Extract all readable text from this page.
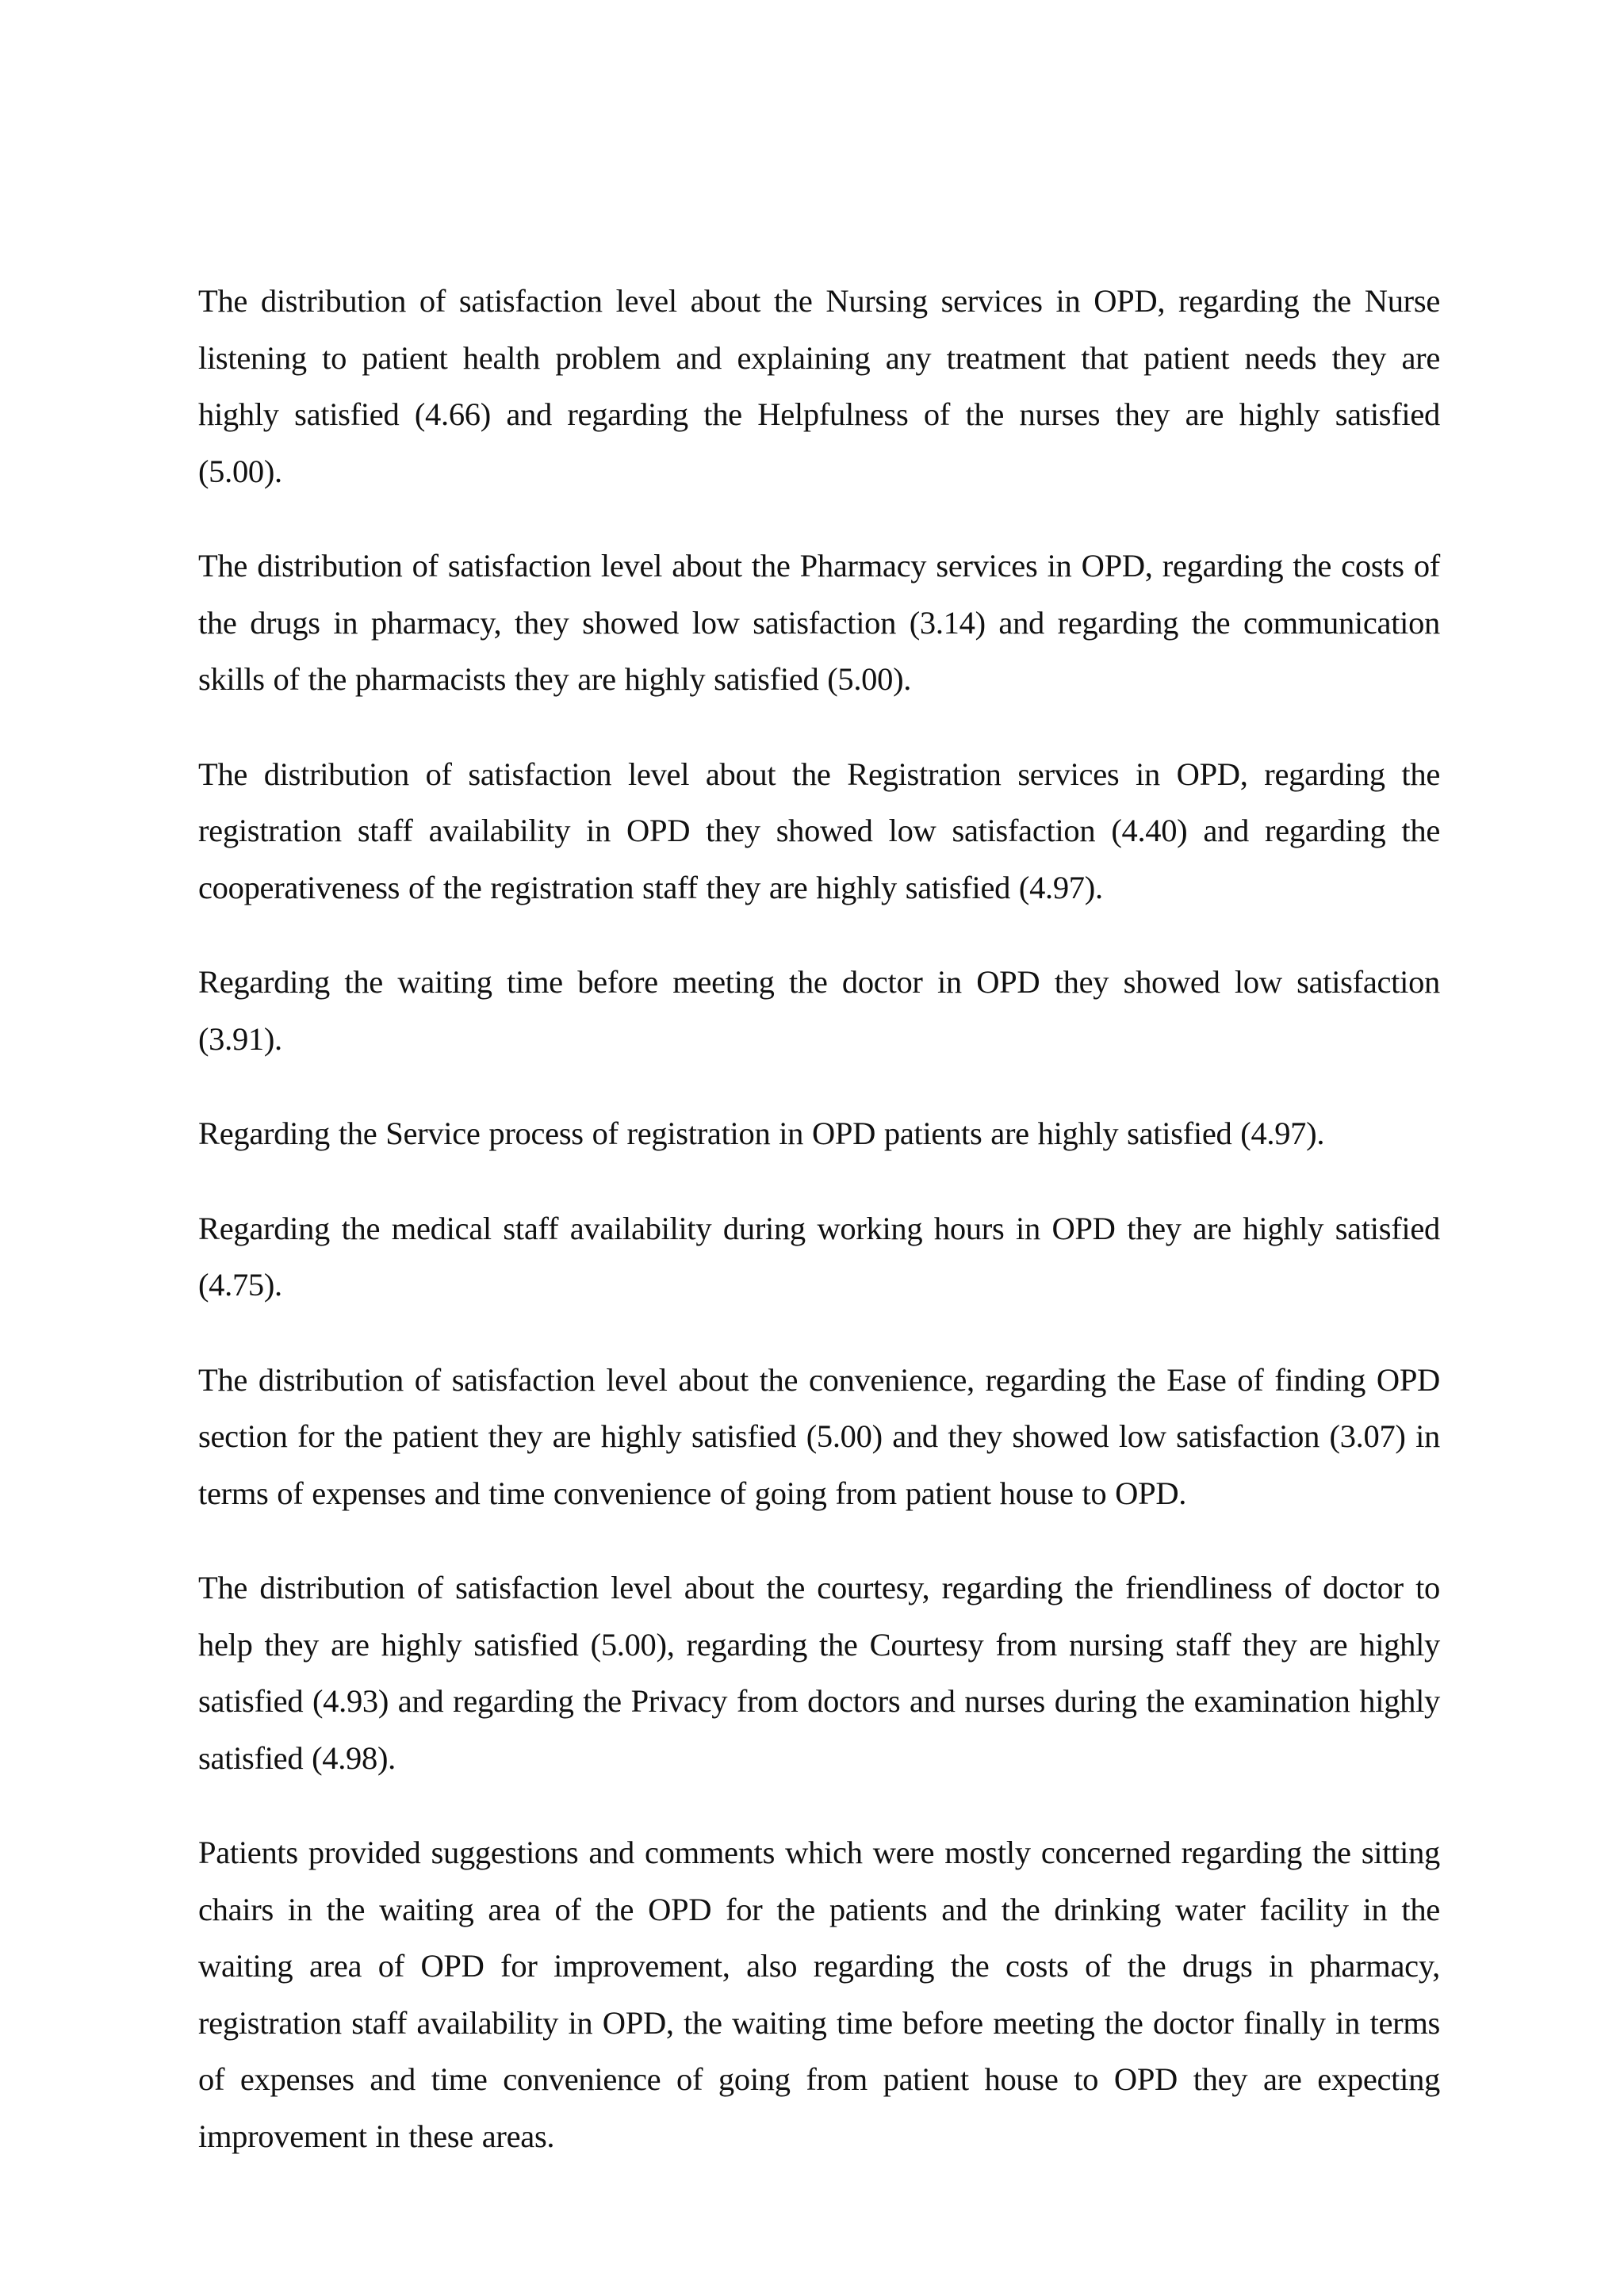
The distribution of satisfaction level about the Nursing services in OPD, regarding the Nurse listening to patient health problem and explaining any treatment that patient needs they are highly satisfied (4.66) and regarding the Helpfulness of the nurses they are highly satisfied (5.00).

The distribution of satisfaction level about the Pharmacy services in OPD, regarding the costs of the drugs in pharmacy, they showed low satisfaction (3.14) and regarding the communication skills of the pharmacists they are highly satisfied (5.00).

The distribution of satisfaction level about the Registration services in OPD, regarding the registration staff availability in OPD they showed low satisfaction (4.40) and regarding the cooperativeness of the registration staff they are highly satisfied (4.97).

Regarding the waiting time before meeting the doctor in OPD they showed low satisfaction (3.91).

Regarding the Service process of registration in OPD patients are highly satisfied (4.97).

Regarding the medical staff availability during working hours in OPD they are highly satisfied (4.75).

The distribution of satisfaction level about the convenience, regarding the Ease of finding OPD section for the patient they are highly satisfied (5.00) and they showed low satisfaction (3.07) in terms of expenses and time convenience of going from patient house to OPD.

The distribution of satisfaction level about the courtesy, regarding the friendliness of doctor to help they are highly satisfied (5.00), regarding the Courtesy from nursing staff they are highly satisfied (4.93) and regarding the Privacy from doctors and nurses during the examination highly satisfied (4.98).

Patients provided suggestions and comments which were mostly concerned regarding the sitting chairs in the waiting area of the OPD for the patients and the drinking water facility in the waiting area of OPD for improvement, also regarding the costs of the drugs in pharmacy, registration staff availability in OPD, the waiting time before meeting the doctor finally in terms of expenses and time convenience of going from patient house to OPD they are expecting improvement in these areas.
